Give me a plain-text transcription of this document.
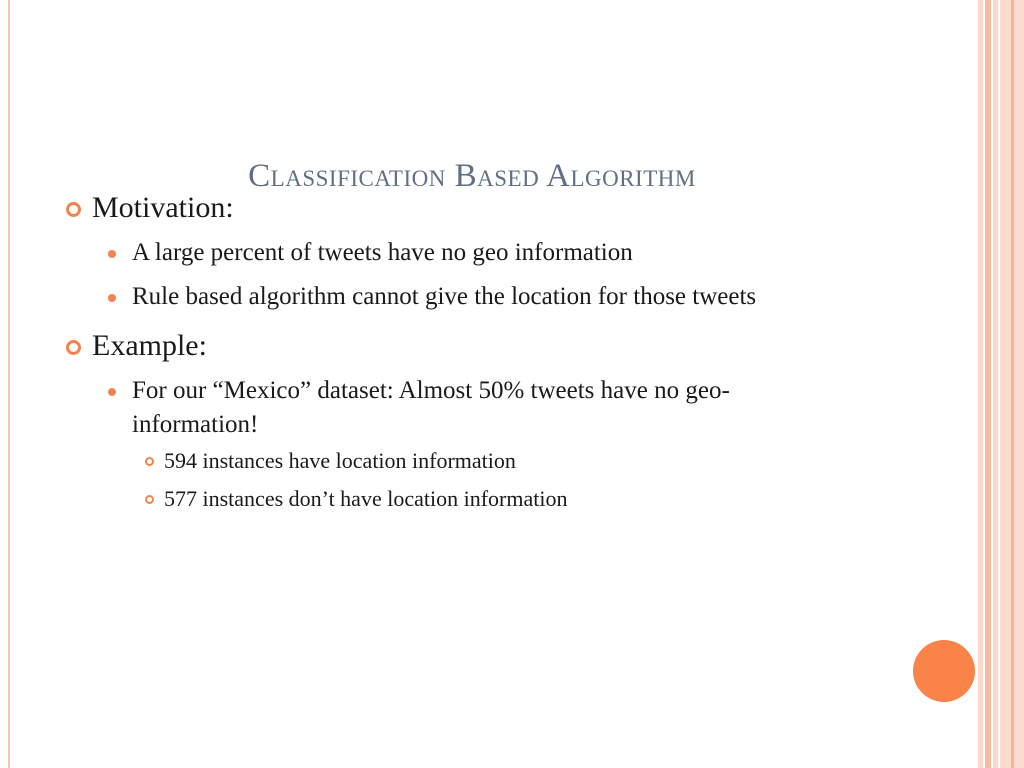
Classification Based Algorithm
Motivation:
A large percent of tweets have no geo information
Rule based algorithm cannot give the location for those tweets
Example:
For our “Mexico” dataset: Almost 50% tweets have no geo-information!
594 instances have location information
577 instances don’t have location information
